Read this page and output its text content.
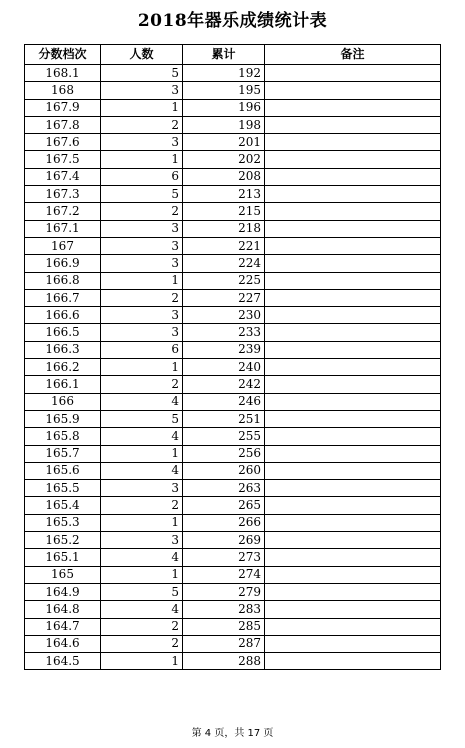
2018年器乐成绩统计表
分数档次	人数	累计	备注
168.1	5	192	
168	3	195	
167.9	1	196	
167.8	2	198	
167.6	3	201	
167.5	1	202	
167.4	6	208	
167.3	5	213	
167.2	2	215	
167.1	3	218	
167	3	221	
166.9	3	224	
166.8	1	225	
166.7	2	227	
166.6	3	230	
166.5	3	233	
166.3	6	239	
166.2	1	240	
166.1	2	242	
166	4	246	
165.9	5	251	
165.8	4	255	
165.7	1	256	
165.6	4	260	
165.5	3	263	
165.4	2	265	
165.3	1	266	
165.2	3	269	
165.1	4	273	
165	1	274	
164.9	5	279	
164.8	4	283	
164.7	2	285	
164.6	2	287	
164.5	1	288	
第 4 页，共 17 页
